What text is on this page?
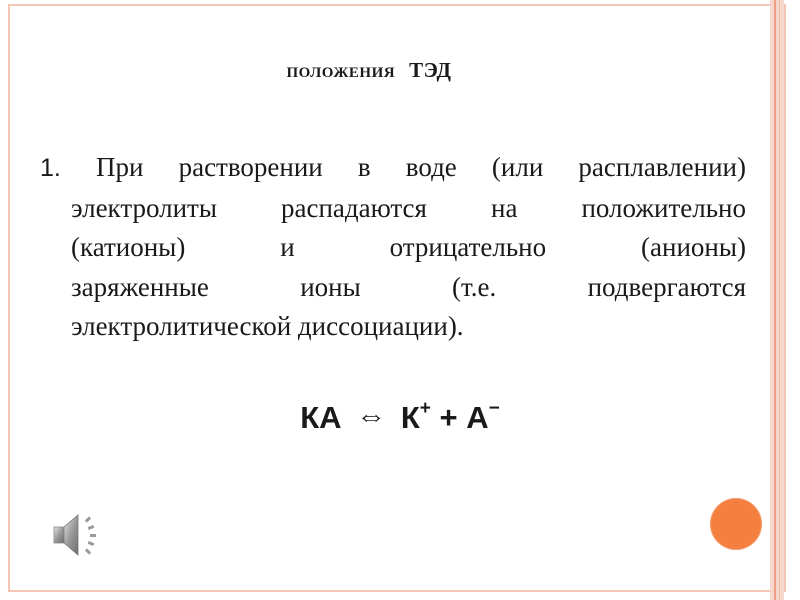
ПОЛОЖЕНИЯ ТЭД
1. При растворении в воде (или расплавлении)
электролиты распадаются на положительно
(катионы) и отрицательно (анионы)
заряженные ионы (т.е. подвергаются
электролитической диссоциации).
КА ⇔ К+ + А−
